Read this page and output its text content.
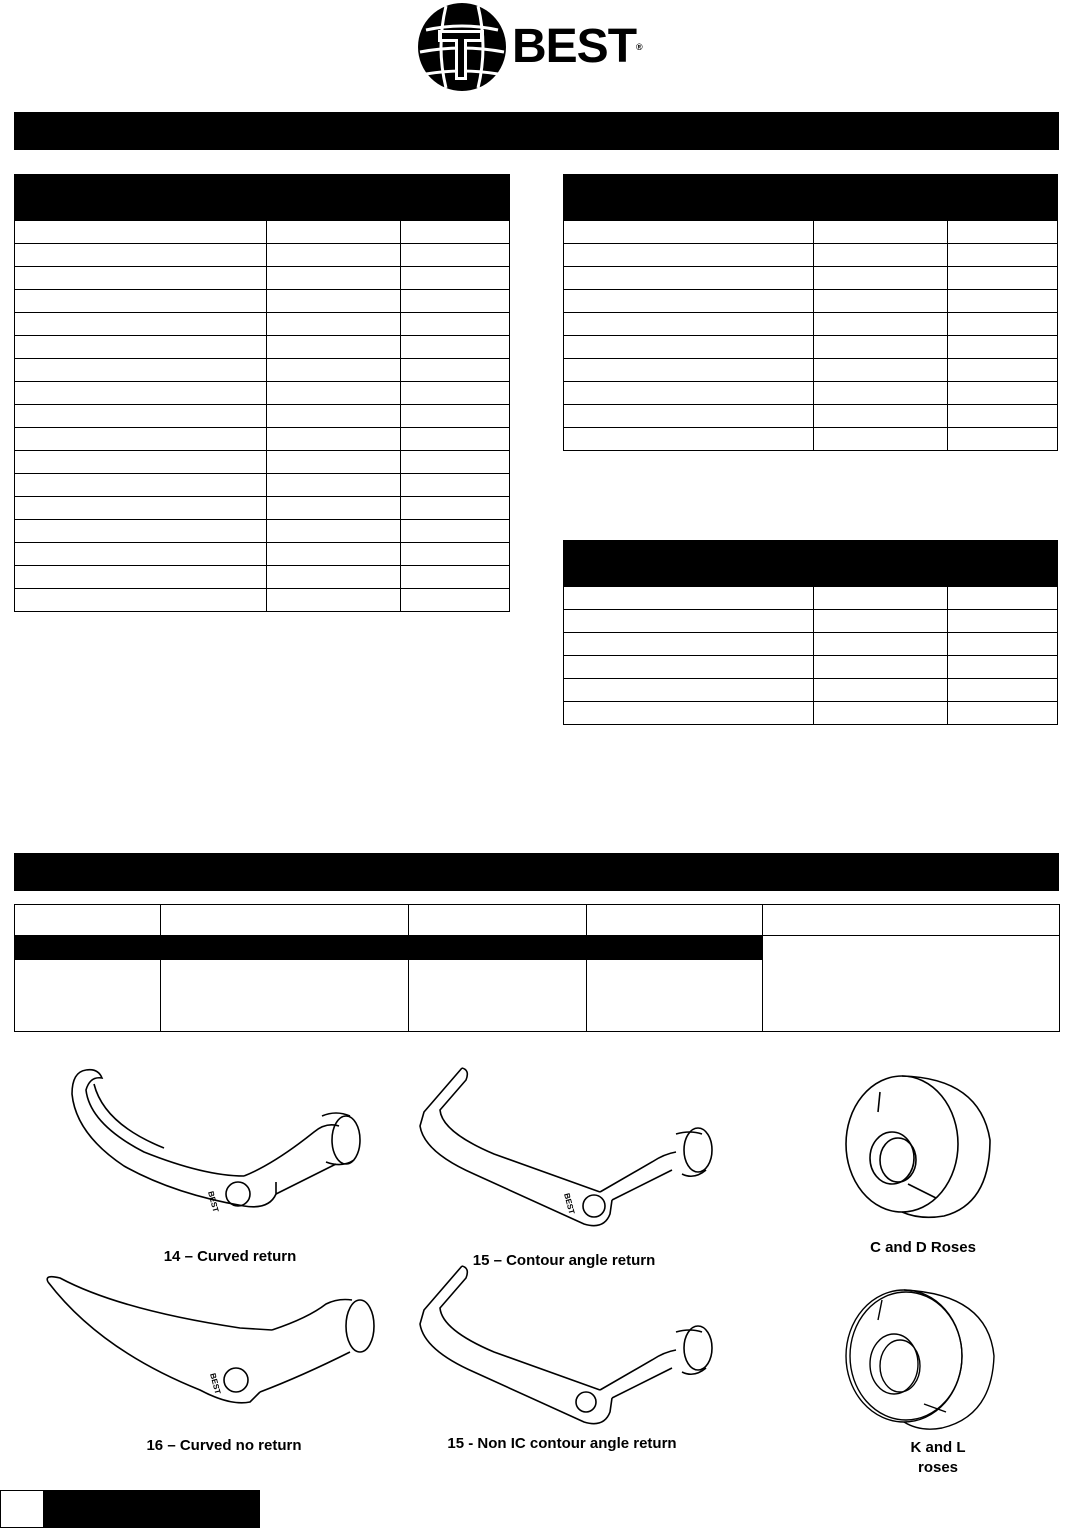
BEST®

BEST	BEST
BEST
14 – Curved return	15 – Contour angle return
C and D Roses
16 – Curved no return	15 - Non IC contour angle return	K and L
roses
